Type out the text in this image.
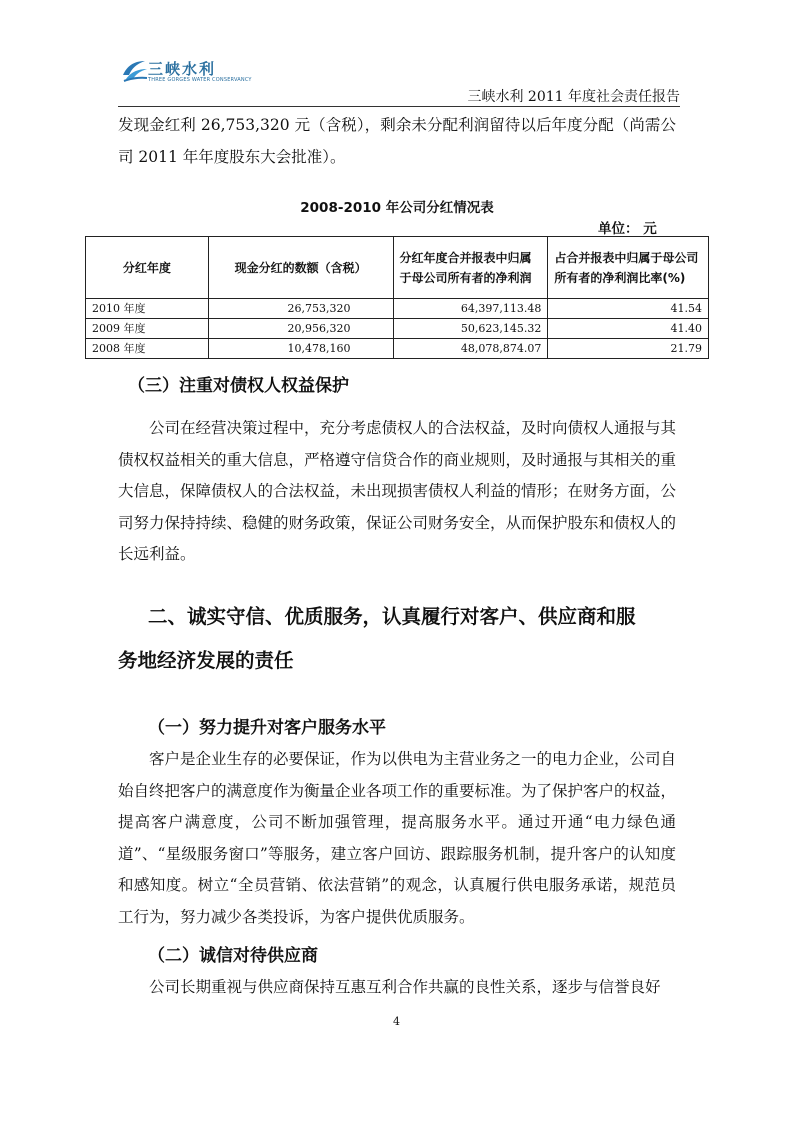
三峡水利
THREE GORGES WATER CONSERVANCY
三峡水利 2011 年度社会责任报告

发现金红利 26,753,320 元（含税），剩余未分配利润留待以后年度分配（尚需公司 2011 年年度股东大会批准）。

2008-2010 年公司分红情况表
单位： 元
分红年度	现金分红的数额（含税）	分红年度合并报表中归属于母公司所有者的净利润	占合并报表中归属于母公司所有者的净利润比率(%)
2010 年度	26,753,320	64,397,113.48	41.54
2009 年度	20,956,320	50,623,145.32	41.40
2008 年度	10,478,160	48,078,874.07	21.79
（三）注重对债权人权益保护

公司在经营决策过程中，充分考虑债权人的合法权益，及时向债权人通报与其债权权益相关的重大信息，严格遵守信贷合作的商业规则，及时通报与其相关的重大信息，保障债权人的合法权益，未出现损害债权人利益的情形；在财务方面，公司努力保持持续、稳健的财务政策，保证公司财务安全，从而保护股东和债权人的长远利益。

二、诚实守信、优质服务，认真履行对客户、供应商和服务地经济发展的责任
（一）努力提升对客户服务水平

客户是企业生存的必要保证，作为以供电为主营业务之一的电力企业，公司自始自终把客户的满意度作为衡量企业各项工作的重要标准。为了保护客户的权益，提高客户满意度，公司不断加强管理，提高服务水平。通过开通“电力绿色通道”、“星级服务窗口”等服务，建立客户回访、跟踪服务机制，提升客户的认知度和感知度。树立“全员营销、依法营销”的观念，认真履行供电服务承诺，规范员工行为，努力减少各类投诉，为客户提供优质服务。

（二）诚信对待供应商

公司长期重视与供应商保持互惠互利合作共赢的良性关系，逐步与信誉良好

4
